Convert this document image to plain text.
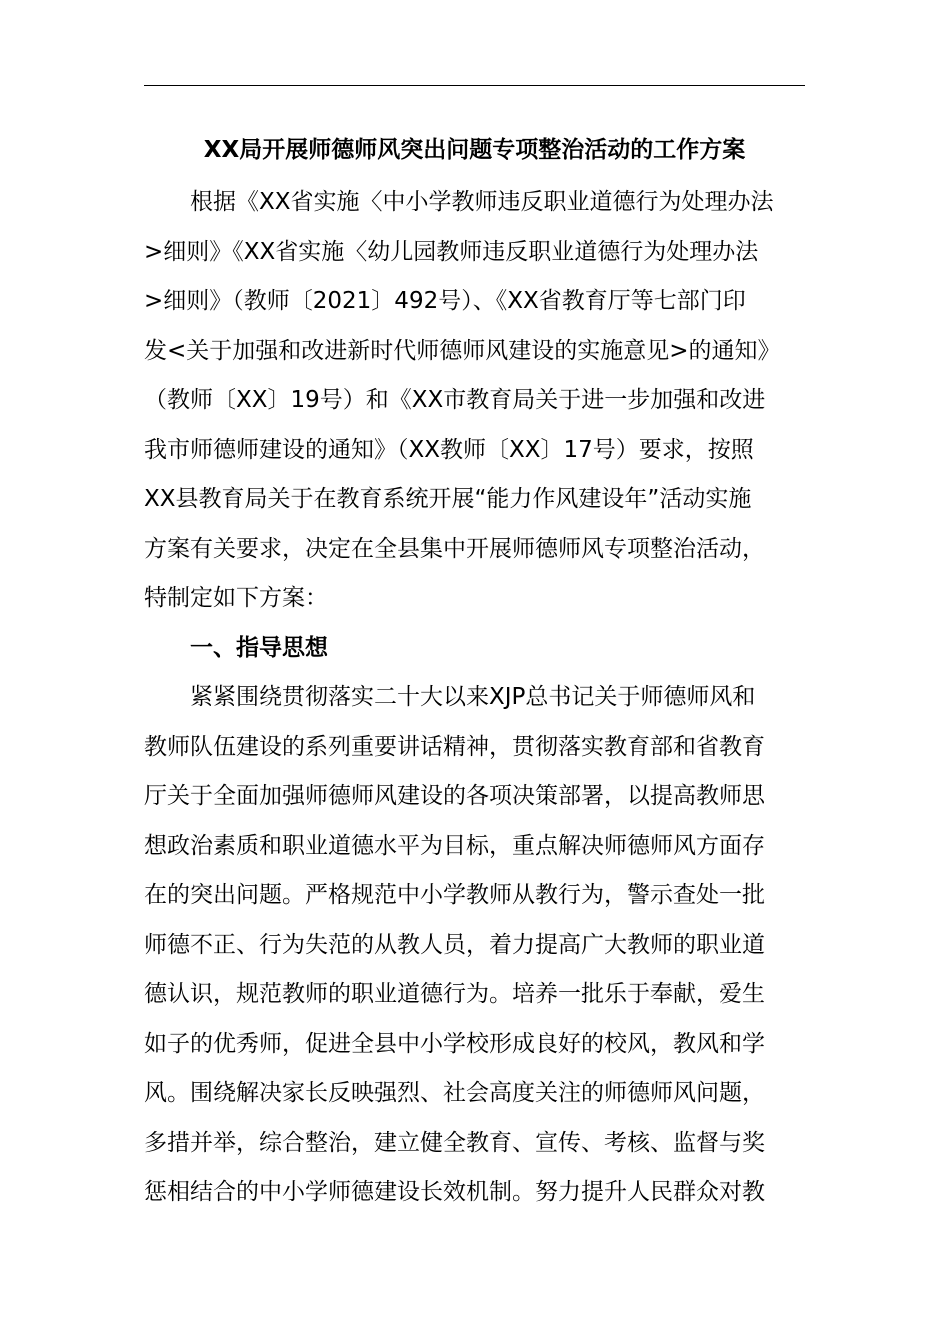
XX局开展师德师风突出问题专项整治活动的工作方案
根据《XX省实施〈中小学教师违反职业道德行为处理办法
>细则》《XX省实施〈幼儿园教师违反职业道德行为处理办法
>细则》（教师〔2021〕492号）、《XX省教育厅等七部门印
发<关于加强和改进新时代师德师风建设的实施意见>的通知》
（教师〔XX〕19号）和《XX市教育局关于进一步加强和改进
我市师德师建设的通知》（XX教师〔XX〕17号）要求，按照
XX县教育局关于在教育系统开展“能力作风建设年”活动实施
方案有关要求，决定在全县集中开展师德师风专项整治活动，
特制定如下方案：
一、指导思想
紧紧围绕贯彻落实二十大以来XJP总书记关于师德师风和
教师队伍建设的系列重要讲话精神，贯彻落实教育部和省教育
厅关于全面加强师德师风建设的各项决策部署，以提高教师思
想政治素质和职业道德水平为目标，重点解决师德师风方面存
在的突出问题。严格规范中小学教师从教行为，警示查处一批
师德不正、行为失范的从教人员，着力提高广大教师的职业道
德认识，规范教师的职业道德行为。培养一批乐于奉献，爱生
如子的优秀师，促进全县中小学校形成良好的校风，教风和学
风。围绕解决家长反映强烈、社会高度关注的师德师风问题，
多措并举，综合整治，建立健全教育、宣传、考核、监督与奖
惩相结合的中小学师德建设长效机制。努力提升人民群众对教
